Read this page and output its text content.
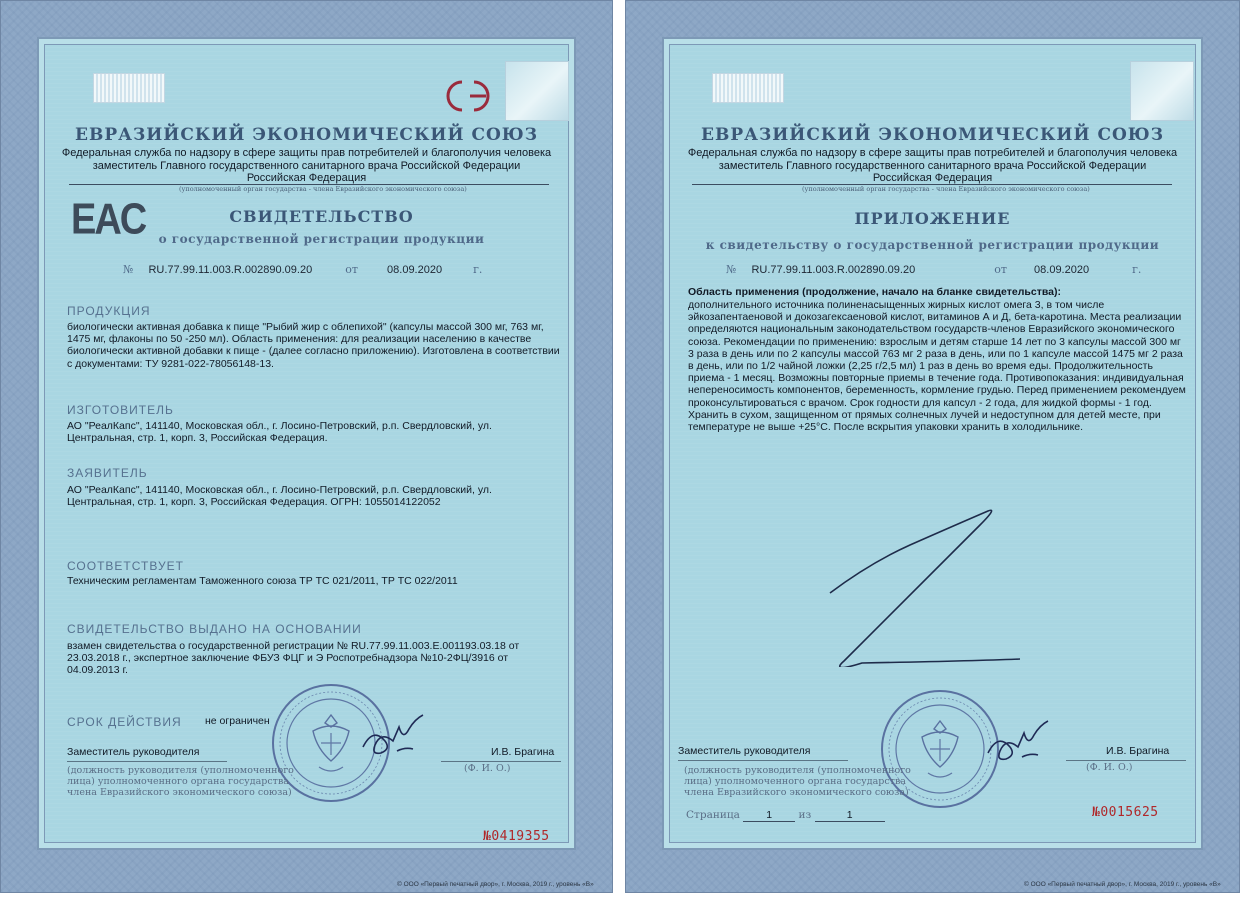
ЕВРАЗИЙСКИЙ ЭКОНОМИЧЕСКИЙ СОЮЗ
Федеральная служба по надзору в сфере защиты прав потребителей и благополучия человека
заместитель Главного государственного санитарного врача Российской Федерации
Российская Федерация
(уполномоченный орган государства - члена Евразийского экономического союза)
EAC	СВИДЕТЕЛЬСТВО
о государственной регистрации продукции
№ RU.77.99.11.003.R.002890.09.20	от	08.09.2020	г.
ПРОДУКЦИЯ
биологически активная добавка к пище "Рыбий жир с облепихой" (капсулы массой 300 мг, 763 мг, 1475 мг, флаконы по 50 -250 мл). Область применения: для реализации населению в качестве биологически активной добавки к пище - (далее согласно приложению). Изготовлена в соответствии с документами: ТУ 9281-022-78056148-13.
ИЗГОТОВИТЕЛЬ
АО "РеалКапс", 141140, Московская обл., г. Лосино-Петровский, р.п. Свердловский, ул. Центральная, стр. 1, корп. 3, Российская Федерация.
ЗАЯВИТЕЛЬ
АО "РеалКапс", 141140, Московская обл., г. Лосино-Петровский, р.п. Свердловский, ул. Центральная, стр. 1, корп. 3, Российская Федерация. ОГРН: 1055014122052
СООТВЕТСТВУЕТ
Техническим регламентам Таможенного союза ТР ТС 021/2011, ТР ТС 022/2011
СВИДЕТЕЛЬСТВО ВЫДАНО НА ОСНОВАНИИ
взамен свидетельства о государственной регистрации № RU.77.99.11.003.Е.001193.03.18 от 23.03.2018 г., экспертное заключение ФБУЗ ФЦГ и Э Роспотребнадзора №10-2ФЦ/3916 от 04.09.2013 г.
СРОК ДЕЙСТВИЯ не ограничен
Заместитель руководителя	И.В. Брагина
(Ф. И. О.)
(должность руководителя (уполномоченного лица) уполномоченного органа государства члена Евразийского экономического союза)
№0419355
© ООО «Первый печатный двор», г. Москва, 2019 г., уровень «В»
ЕВРАЗИЙСКИЙ ЭКОНОМИЧЕСКИЙ СОЮЗ
Федеральная служба по надзору в сфере защиты прав потребителей и благополучия человека
заместитель Главного государственного санитарного врача Российской Федерации
Российская Федерация
(уполномоченный орган государства - члена Евразийского экономического союза)
ПРИЛОЖЕНИЕ
к свидетельству о государственной регистрации продукции
№ RU.77.99.11.003.R.002890.09.20	от 08.09.2020	г.
Область применения (продолжение, начало на бланке свидетельства):
дополнительного источника полиненасыщенных жирных кислот омега 3, в том числе эйкозапентаеновой и докозагексаеновой кислот, витаминов А и Д, бета-каротина. Места реализации определяются национальным законодательством государств-членов Евразийского экономического союза. Рекомендации по применению: взрослым и детям старше 14 лет по 3 капсулы массой 300 мг 3 раза в день или по 2 капсулы массой 763 мг 2 раза в день, или по 1 капсуле массой 1475 мг 2 раза в день, или по 1/2 чайной ложки (2,25 г/2,5 мл) 1 раз в день во время еды. Продолжительность приема - 1 месяц. Возможны повторные приемы в течение года. Противопоказания: индивидуальная непереносимость компонентов, беременность, кормление грудью. Перед применением рекомендуем проконсультироваться с врачом. Срок годности для капсул - 2 года, для жидкой формы - 1 год. Хранить в сухом, защищенном от прямых солнечных лучей и недоступном для детей месте, при температуре не выше +25°С. После вскрытия упаковки хранить в холодильнике.
Заместитель руководителя	И.В. Брагина
(Ф. И. О.)
(должность руководителя (уполномоченного лица) уполномоченного органа государства члена Евразийского экономического союза)
Страница	1	из	1	№0015625
© ООО «Первый печатный двор», г. Москва, 2019 г., уровень «В»
